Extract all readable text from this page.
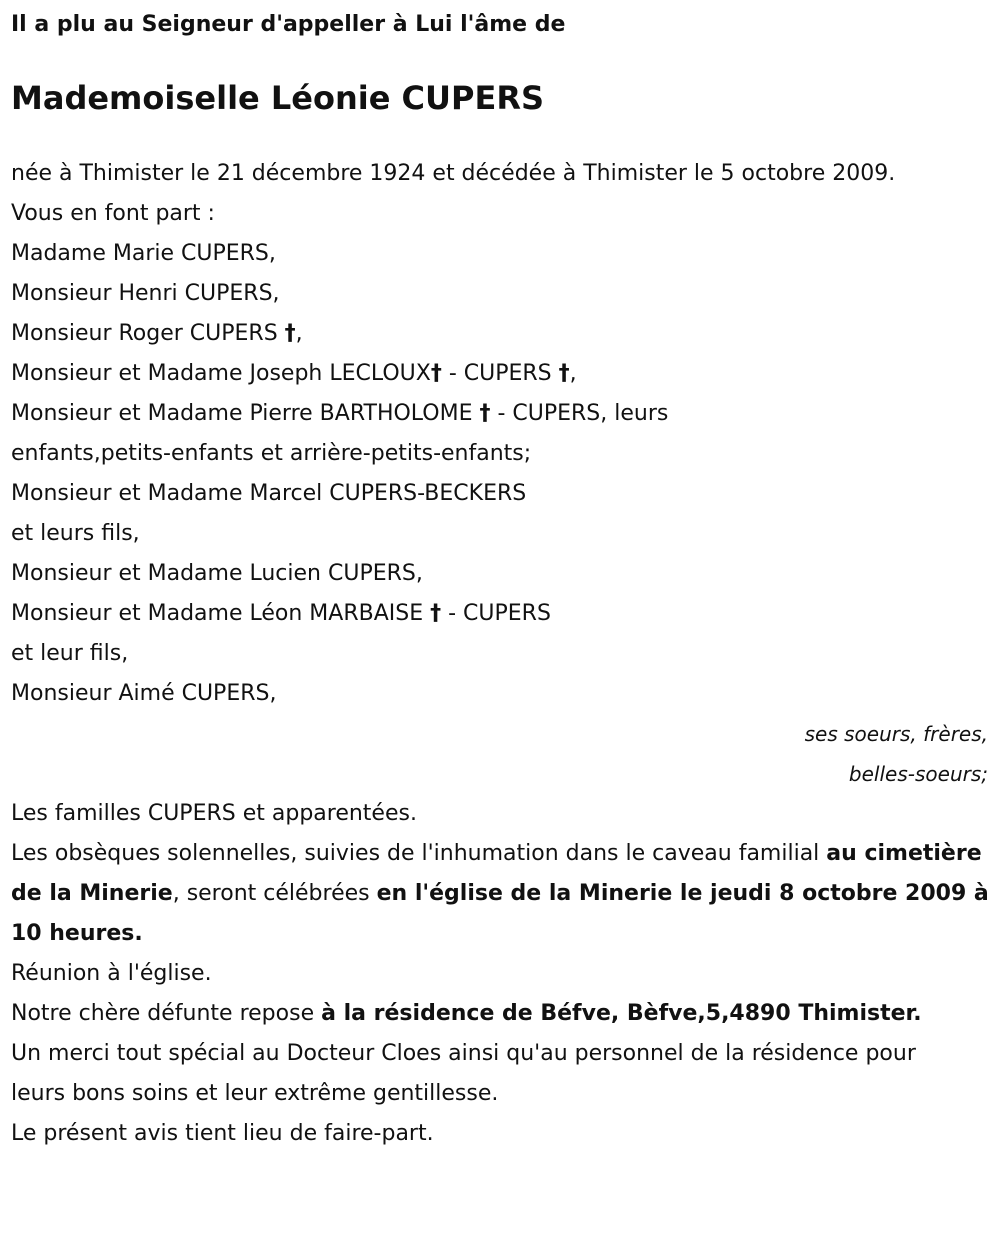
Il a plu au Seigneur d'appeller à Lui l'âme de

Mademoiselle Léonie CUPERS
née à Thimister le 21 décembre 1924 et décédée à Thimister le 5 octobre 2009.
Vous en font part :
Madame Marie CUPERS,
Monsieur Henri CUPERS,
Monsieur Roger CUPERS †,
Monsieur et Madame Joseph LECLOUX† - CUPERS †,
Monsieur et Madame Pierre BARTHOLOME † - CUPERS, leurs enfants,petits-enfants et arrière-petits-enfants;
Monsieur et Madame Marcel CUPERS-BECKERS
et leurs fils,
Monsieur et Madame Lucien CUPERS,
Monsieur et Madame Léon MARBAISE † - CUPERS
et leur fils,
Monsieur Aimé CUPERS,
ses soeurs, frères,
belles-soeurs;
Les familles CUPERS et apparentées.
Les obsèques solennelles, suivies de l'inhumation dans le caveau familial au cimetière de la Minerie, seront célébrées en l'église de la Minerie le jeudi 8 octobre 2009 à 10 heures.
Réunion à l'église.
Notre chère défunte repose à la résidence de Béfve, Bèfve,5,4890 Thimister.
Un merci tout spécial au Docteur Cloes ainsi qu'au personnel de la résidence pour leurs bons soins et leur extrême gentillesse.
Le présent avis tient lieu de faire-part.
